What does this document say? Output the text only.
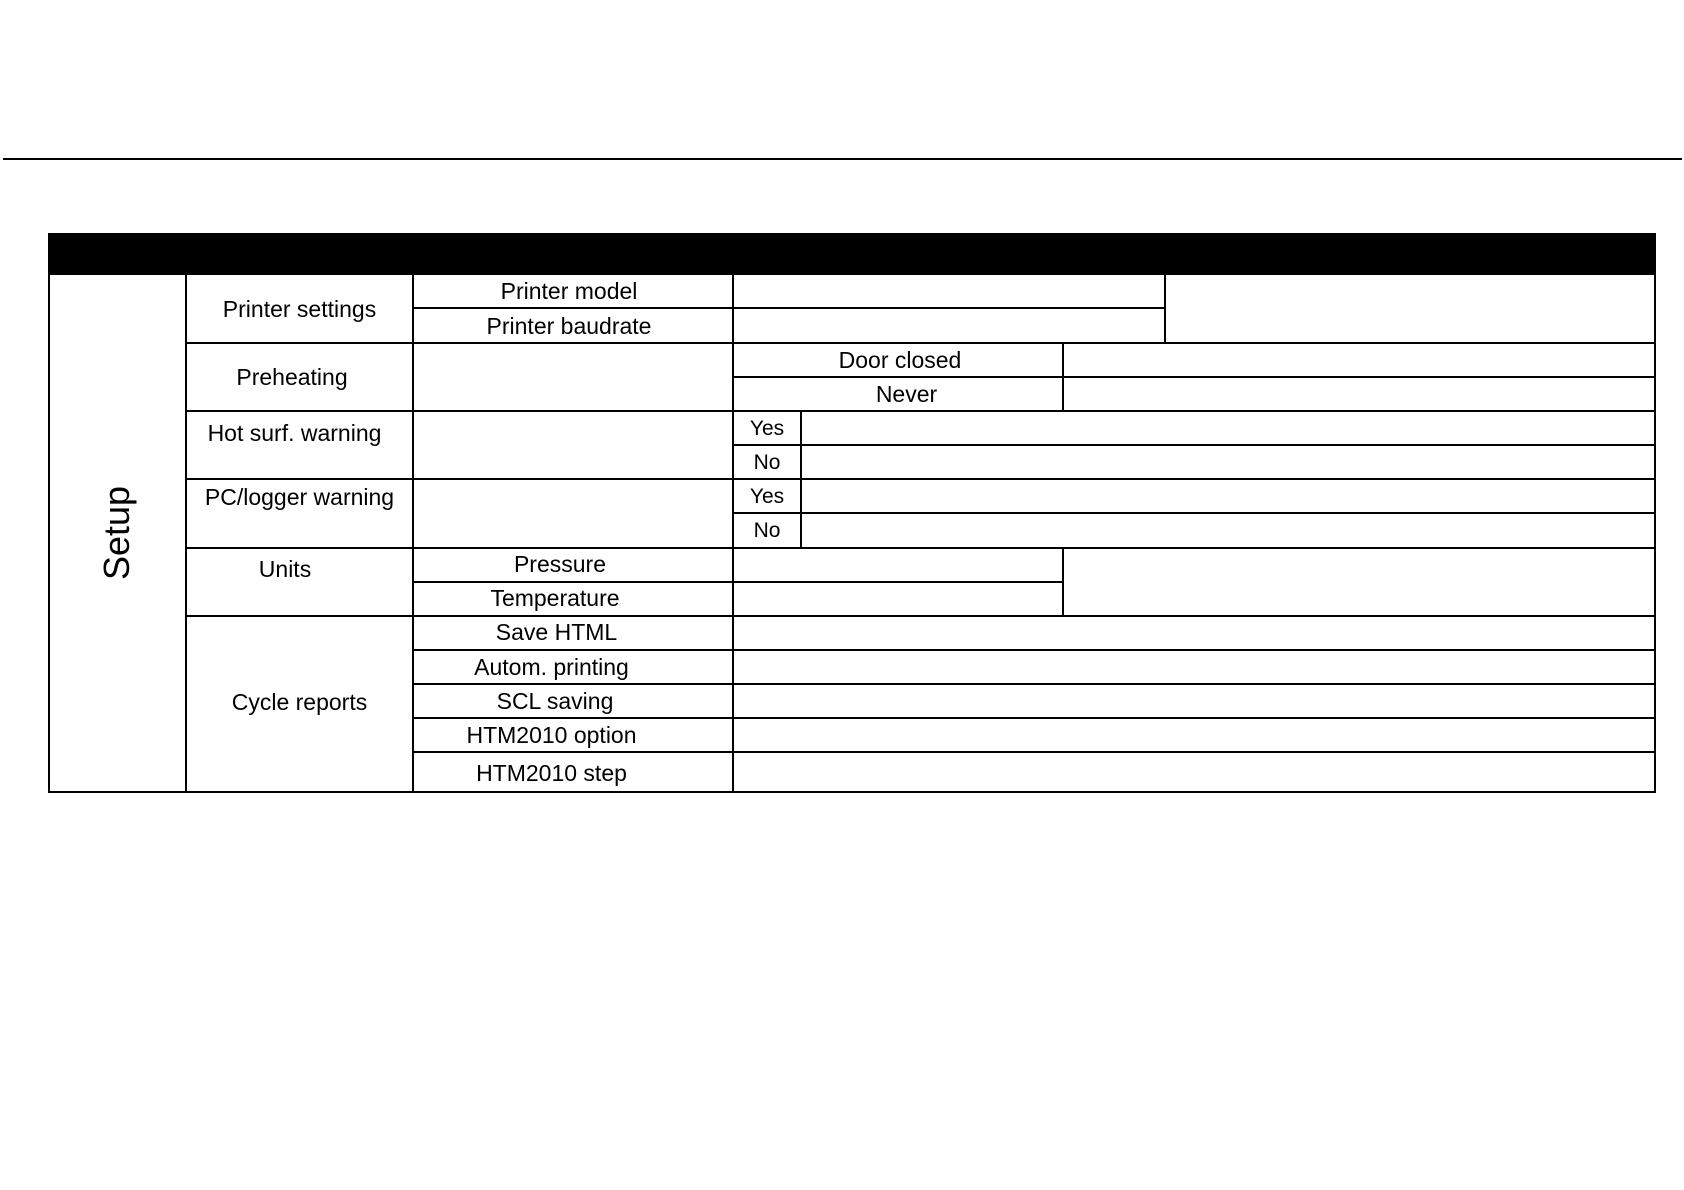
Setup
Printer settings
Preheating
Hot surf. warning
PC/logger warning
Units
Cycle reports
Printer model
Printer baudrate
Pressure
Temperature
Save HTML
Autom. printing
SCL saving
HTM2010 option
HTM2010 step
Door closed
Never
Yes
No
Yes
No
